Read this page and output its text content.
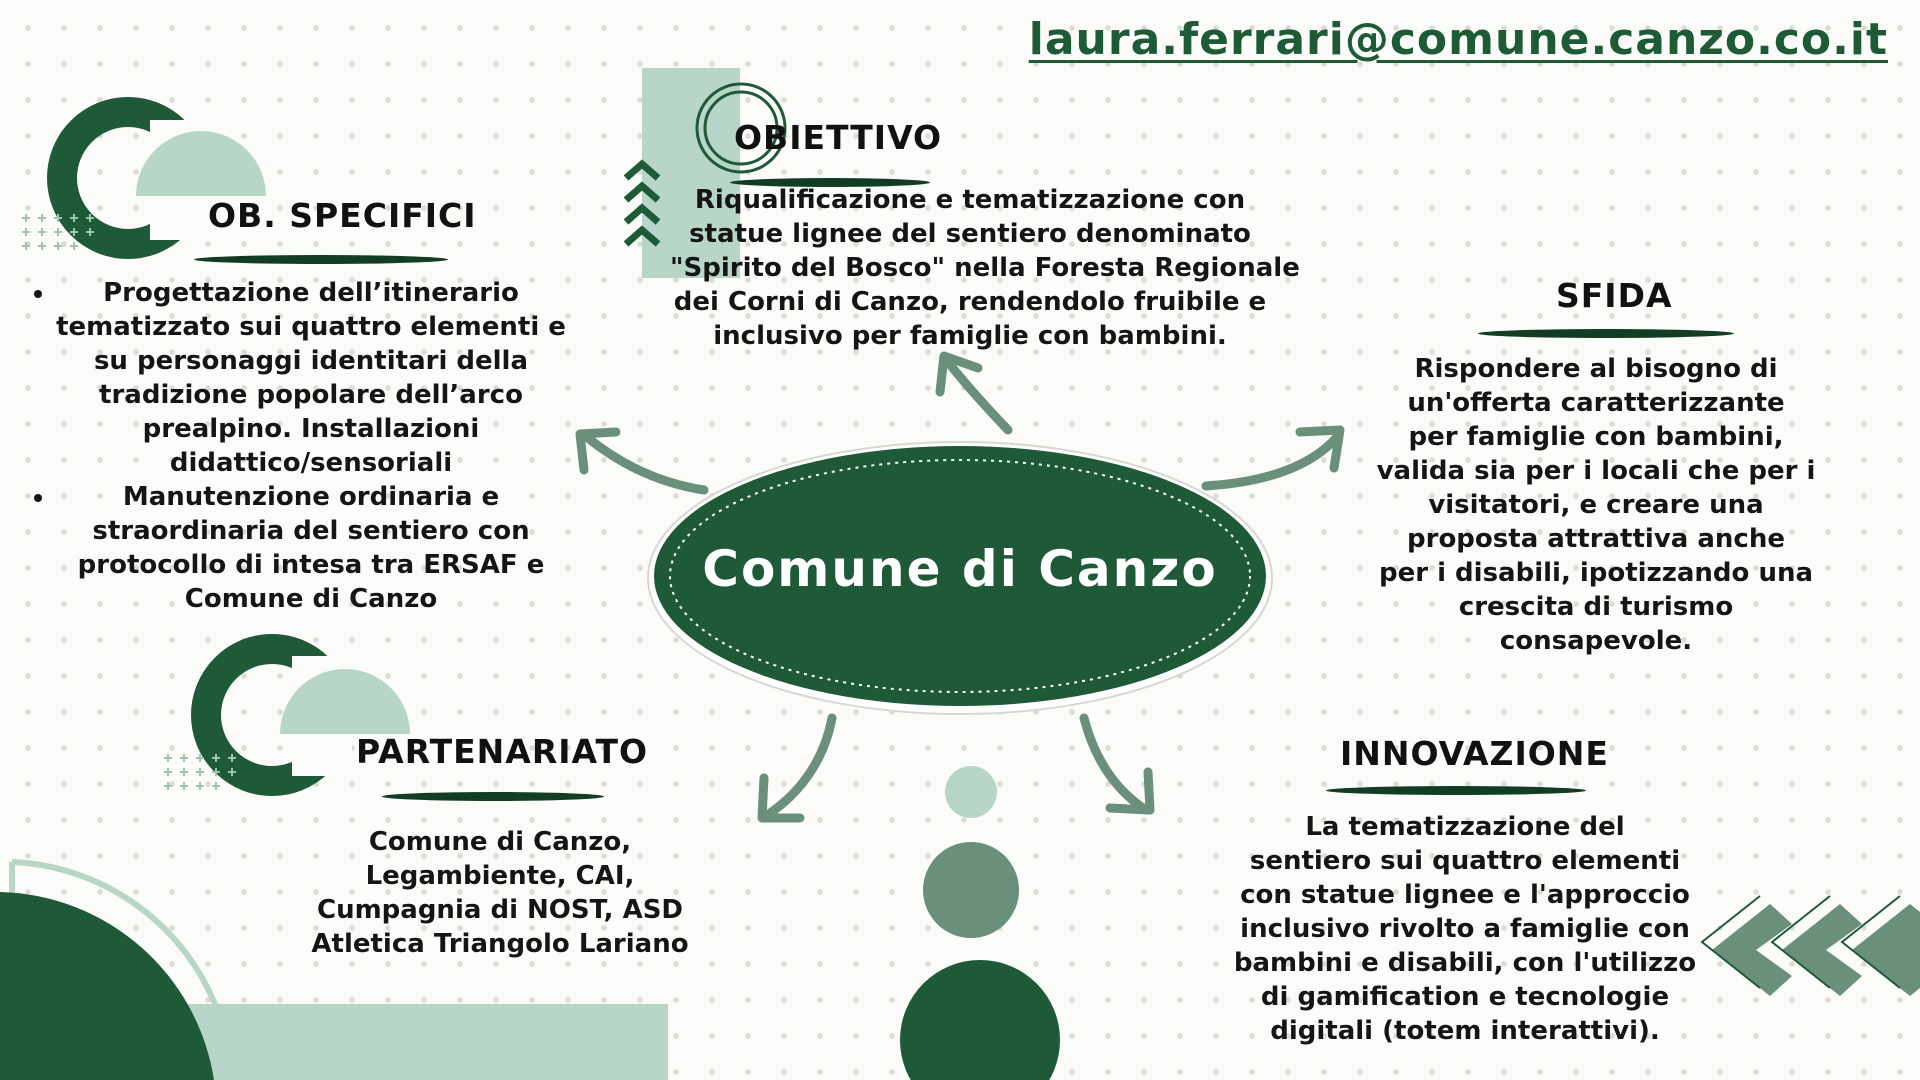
laura.ferrari@comune.canzo.co.it
Comune di Canzo
OBIETTIVO
Riqualificazione e tematizzazione con
statue lignee del sentiero denominato
"Spirito del Bosco" nella Foresta Regionale
dei Corni di Canzo, rendendolo fruibile e
inclusivo per famiglie con bambini.
OB. SPECIFICI
• Progettazione dell’itinerario tematizzato sui quattro elementi e su personaggi identitari della tradizione popolare dell’arco prealpino. Installazioni didattico/sensoriali
• Manutenzione ordinaria e straordinaria del sentiero con protocollo di intesa tra ERSAF e Comune di Canzo
SFIDA
Rispondere al bisogno di
un'offerta caratterizzante
per famiglie con bambini,
valida sia per i locali che per i
visitatori, e creare una
proposta attrattiva anche
per i disabili, ipotizzando una
crescita di turismo
consapevole.
PARTENARIATO
Comune di Canzo,
Legambiente, CAI,
Cumpagnia di NOST, ASD
Atletica Triangolo Lariano
INNOVAZIONE
La tematizzazione del
sentiero sui quattro elementi
con statue lignee e l'approccio
inclusivo rivolto a famiglie con
bambini e disabili, con l'utilizzo
di gamification e tecnologie
digitali (totem interattivi).
